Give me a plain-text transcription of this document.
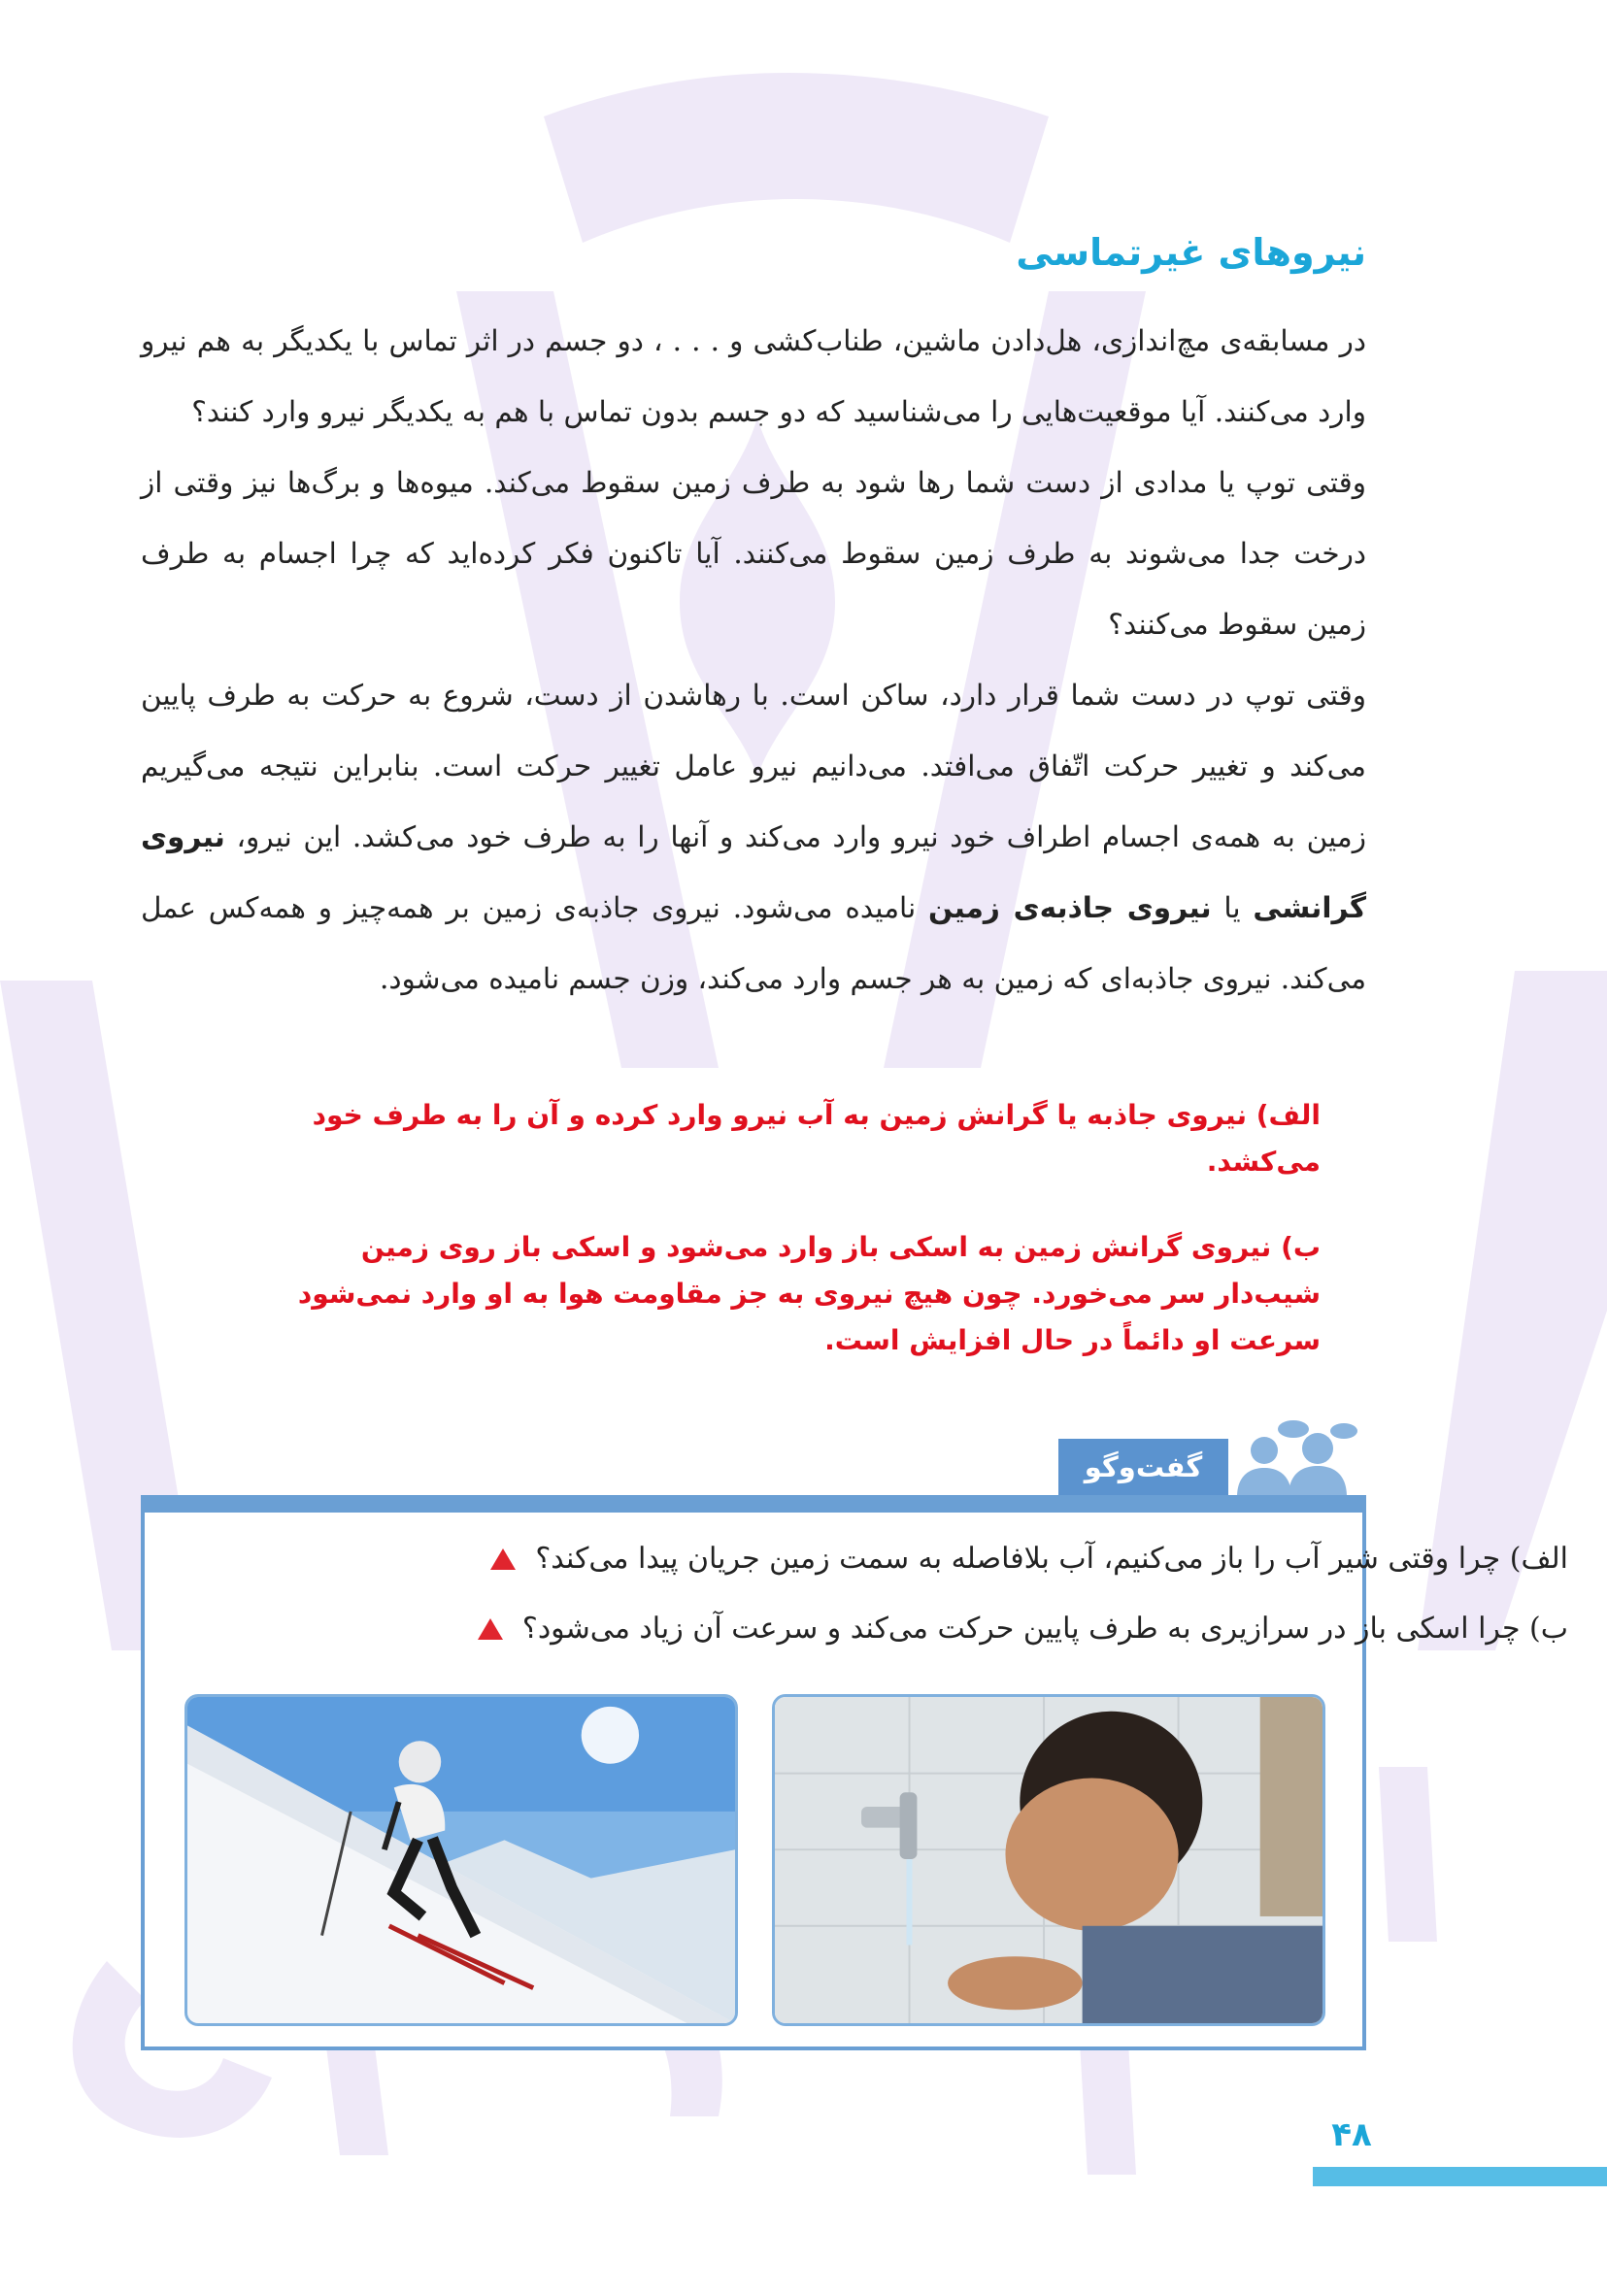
نیروهای غیرتماسی

در مسابقه‌ی مچ‌اندازی، هل‌دادن ماشین، طناب‌کشی و . . . ، دو جسم در اثر تماس با یکدیگر به هم نیرو وارد می‌کنند. آیا موقعیت‌هایی را می‌شناسید که دو جسم بدون تماس با هم به یکدیگر نیرو وارد کنند؟

وقتی توپ یا مدادی از دست شما رها شود به طرف زمین سقوط می‌کند. میوه‌ها و برگ‌ها نیز وقتی از درخت جدا می‌شوند به طرف زمین سقوط می‌کنند. آیا تاکنون فکر کرده‌اید که چرا اجسام به طرف زمین سقوط می‌کنند؟

وقتی توپ در دست شما قرار دارد، ساکن است. با رهاشدن از دست، شروع به حرکت به طرف پایین می‌کند و تغییر حرکت اتّفاق می‌افتد. می‌دانیم نیرو عامل تغییر حرکت است. بنابراین نتیجه می‌گیریم زمین به همه‌ی اجسام اطراف خود نیرو وارد می‌کند و آنها را به طرف خود می‌کشد. این نیرو، نیروی گرانشی یا نیروی جاذبه‌ی زمین نامیده می‌شود. نیروی جاذبه‌ی زمین بر همه‌چیز و همه‌کس عمل می‌کند. نیروی جاذبه‌ای که زمین به هر جسم وارد می‌کند، وزن جسم نامیده می‌شود.

الف) نیروی جاذبه یا گرانش زمین به آب نیرو وارد کرده و آن را به طرف خود می‌کشد.

ب) نیروی گرانش زمین به اسکی باز وارد می‌شود و اسکی باز روی زمین شیب‌دار سر می‌خورد. چون هیچ نیروی به جز مقاومت هوا به او وارد نمی‌شود سرعت او دائماً در حال افزایش است.

گفت‌وگو
الف) چرا وقتی شیر آب را باز می‌کنیم، آب بلافاصله به سمت زمین جریان پیدا می‌کند؟
ب) چرا اسکی باز در سرازیری به طرف پایین حرکت می‌کند و سرعت آن زیاد می‌شود؟
۴۸
